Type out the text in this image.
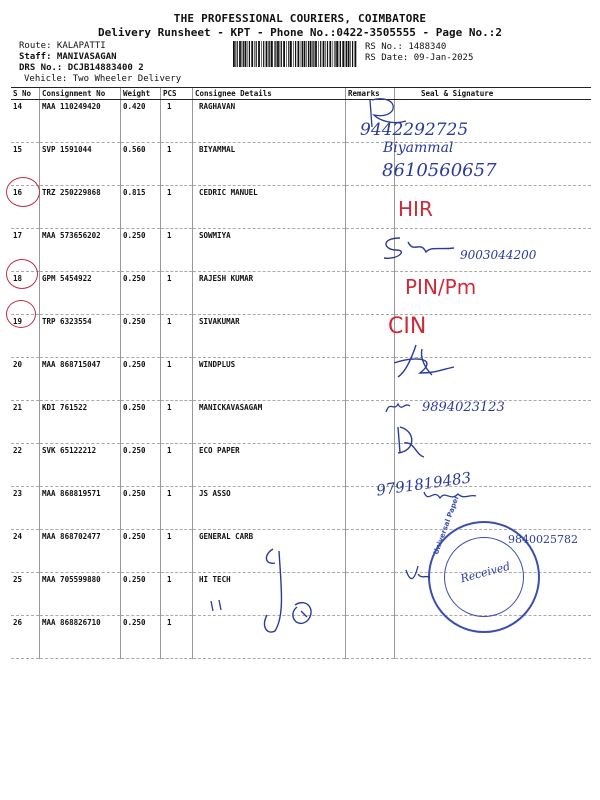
THE PROFESSIONAL COURIERS, COIMBATORE
Delivery Runsheet - KPT - Phone No.:0422-3505555 - Page No.:2
Route: KALAPATTI
Staff: MANIVASAGAN
DRS No.: DCJB14883400 2
Vehicle: Two Wheeler Delivery
RS No.: 1488340
RS Date: 09-Jan-2025
S No	Consignment No	Weight	PCS	Consignee Details	Remarks	Seal & Signature
14	MAA 110249420	0.420	1	RAGHAVAN		
15	SVP 1591044	0.560	1	BIYAMMAL		
16	TRZ 250229868	0.815	1	CEDRIC MANUEL		
17	MAA 573656202	0.250	1	SOWMIYA		
18	GPM 5454922	0.250	1	RAJESH KUMAR		
19	TRP 6323554	0.250	1	SIVAKUMAR		
20	MAA 868715047	0.250	1	WINDPLUS		
21	KDI 761522	0.250	1	MANICKAVASAGAM		
22	SVK 65122212	0.250	1	ECO PAPER		
23	MAA 868819571	0.250	1	JS ASSO		
24	MAA 868702477	0.250	1	GENERAL CARB		
25	MAA 705599880	0.250	1	HI TECH		
26	MAA 868826710	0.250	1			
9442292725
Biyammal
8610560657
HIR
9003044200
PIN/Pm
CIN
9894023123
9791819483
Universal Paper	9840025782
Received
